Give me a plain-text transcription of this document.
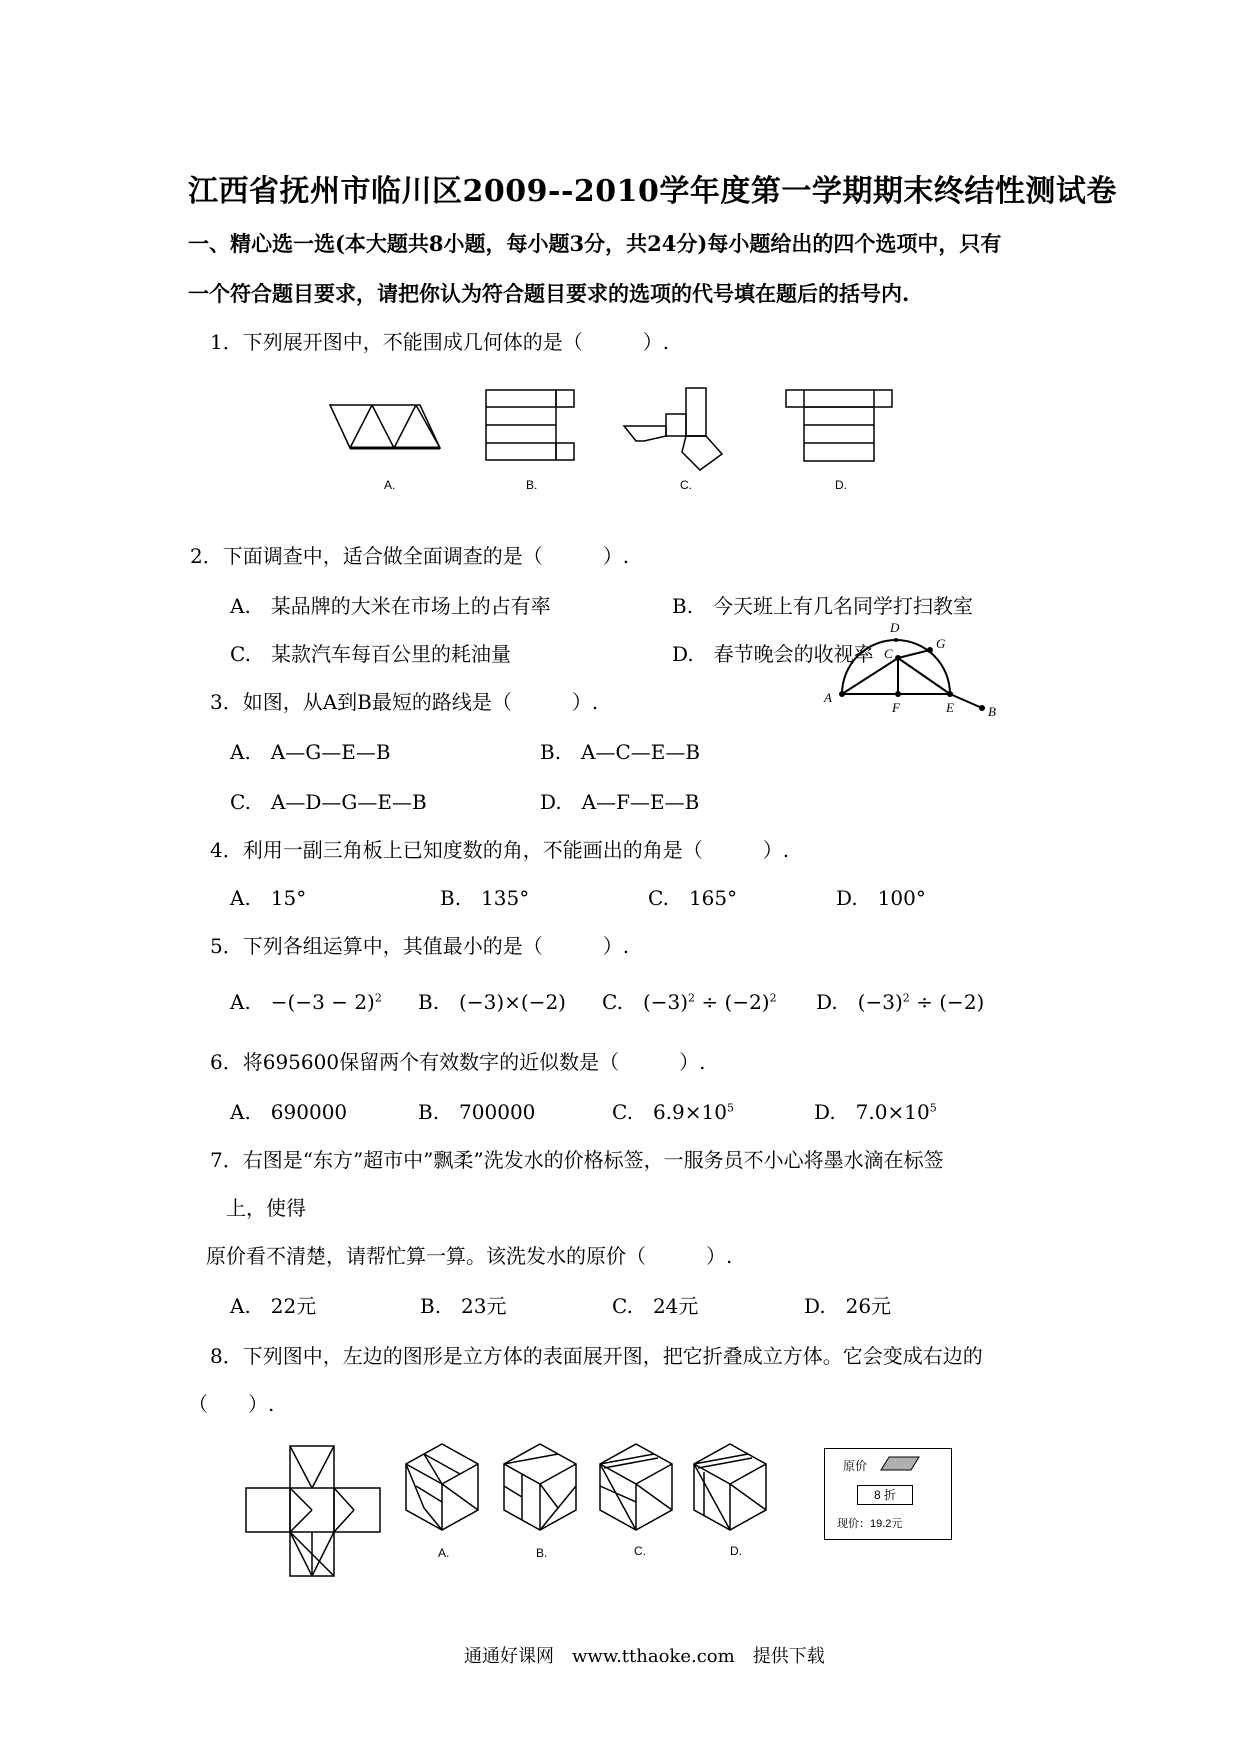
江西省抚州市临川区2009--2010学年度第一学期期末终结性测试卷
一、精心选一选(本大题共8小题，每小题3分，共24分)每小题给出的四个选项中，只有
一个符合题目要求，请把你认为符合题目要求的选项的代号填在题后的括号内.
1．下列展开图中，不能围成几何体的是（　　　）.
A.	B.	C.	D.
2．下面调查中，适合做全面调查的是（　　　）.
A.　某品牌的大米在市场上的占有率	B.　今天班上有几名同学打扫教室
C.　某款汽车每百公里的耗油量	D.　春节晚会的收视率
A
B
C
D
E
F
G
3．如图，从A到B最短的路线是（　　　）.
A.　A—G—E—B	B.　A—C—E—B
C.　A—D—G—E—B	D.　A—F—E—B
4．利用一副三角板上已知度数的角，不能画出的角是（　　　）.
A.　15°	B.　135°	C.　165°	D.　100°
5．下列各组运算中，其值最小的是（　　　）.
A.　$-(-3 - 2)^2$ B.　(−3)×(−2) C.　$(-3)^2 \div (-2)^2$ D.　$(-3)^2 \div (-2)$
6．将695600保留两个有效数字的近似数是（　　　）.
A.　690000	B.　700000	C.　$6.9\times 10^5$	D.　$7.0\times 10^5$
7．右图是“东方”超市中”飘柔”洗发水的价格标签，一服务员不小心将墨水滴在标签
上，使得
原价看不清楚，请帮忙算一算。该洗发水的原价（　　　）.
A.　22元	B.　23元	C.　24元	D.　26元
8．下列图中，左边的图形是立方体的表面展开图，把它折叠成立方体。它会变成右边的
（　　）.
A.	B.	C.	D.
原价
8 折
现价：19.2元
通通好课网　www.tthaoke.com　提供下载
